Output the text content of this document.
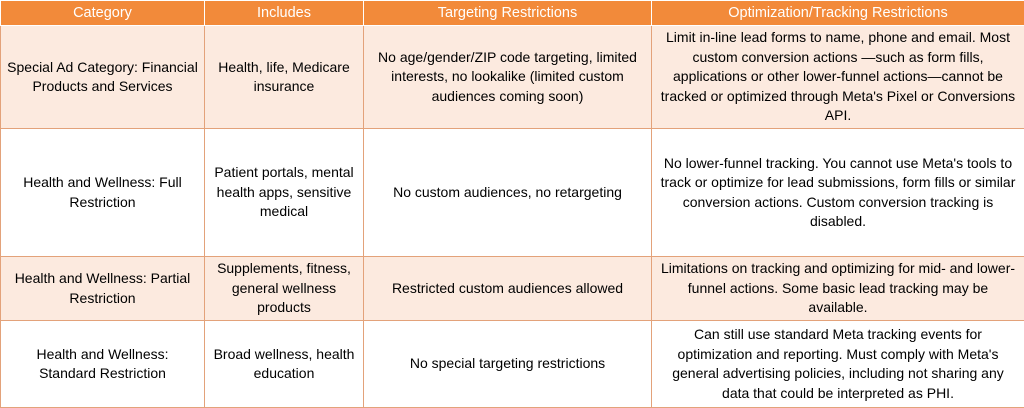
Category	Includes	Targeting Restrictions	Optimization/Tracking Restrictions
Special Ad Category: Financial Products and Services	Health, life, Medicare insurance	No age/gender/ZIP code targeting, limited interests, no lookalike (limited custom audiences coming soon)	Limit in-line lead forms to name, phone and email. Most custom conversion actions —such as form fills, applications or other lower-funnel actions—cannot be tracked or optimized through Meta's Pixel or Conversions API.
Health and Wellness: Full Restriction	Patient portals, mental health apps, sensitive medical	No custom audiences, no retargeting	No lower-funnel tracking. You cannot use Meta's tools to track or optimize for lead submissions, form fills or similar conversion actions. Custom conversion tracking is disabled.
Health and Wellness: Partial Restriction	Supplements, fitness, general wellness products	Restricted custom audiences allowed	Limitations on tracking and optimizing for mid- and lower-funnel actions. Some basic lead tracking may be available.
Health and Wellness: Standard Restriction	Broad wellness, health education	No special targeting restrictions	Can still use standard Meta tracking events for optimization and reporting. Must comply with Meta's general advertising policies, including not sharing any data that could be interpreted as PHI.
